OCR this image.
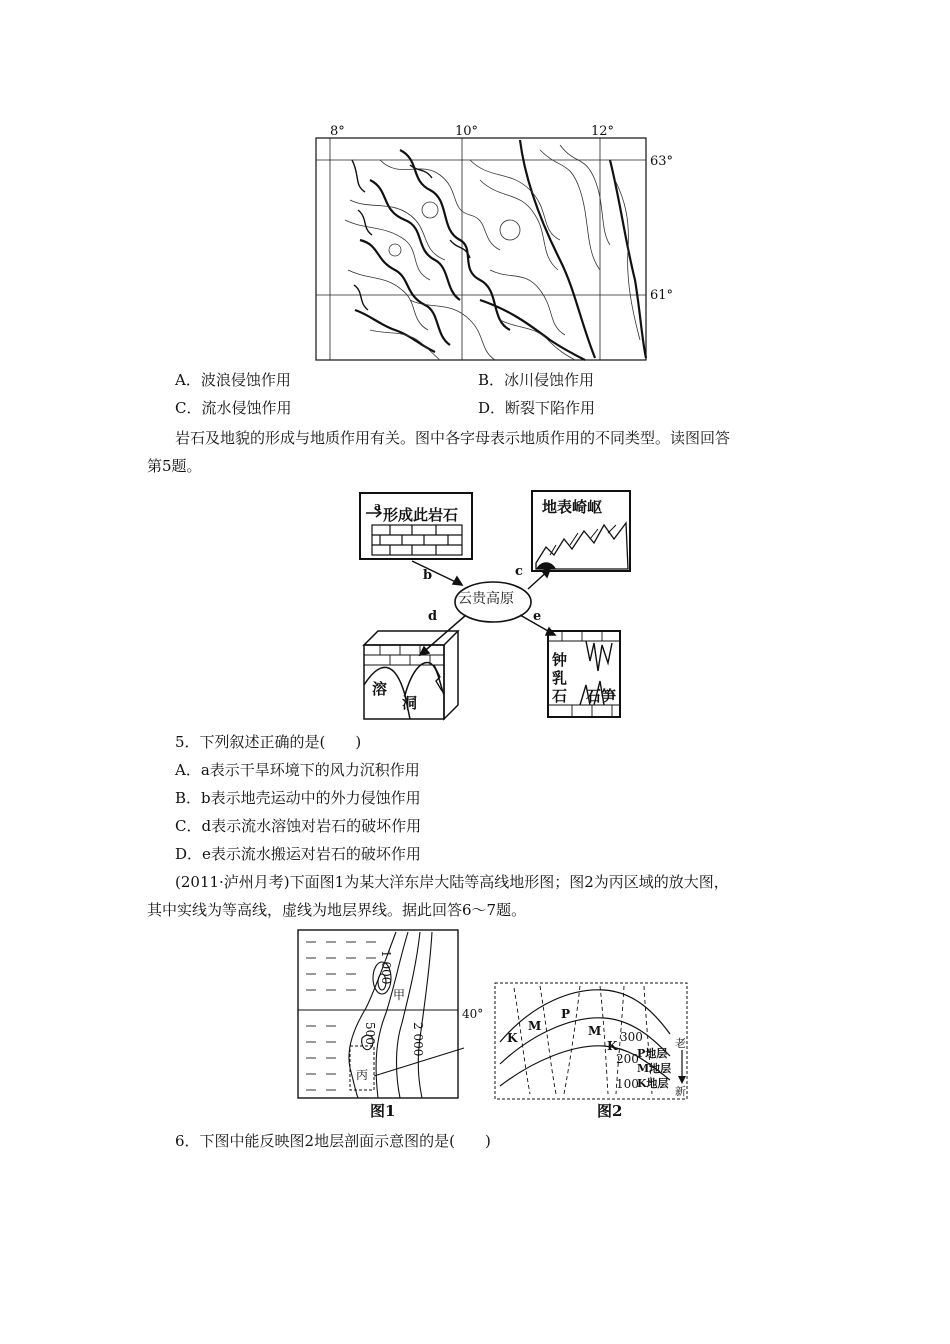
8°	10°	12°
63°
61°
A．波浪侵蚀作用	B．冰川侵蚀作用
C．流水侵蚀作用	D．断裂下陷作用
岩石及地貌的形成与地质作用有关。图中各字母表示地质作用的不同类型。读图回答
第5题。
a 形成此岩石	地表崎岖
云贵高原
b	c
d	e
溶
洞
钟
乳
石 石笋
5．下列叙述正确的是(　　)
A．a表示干旱环境下的风力沉积作用
B．b表示地壳运动中的外力侵蚀作用
C．d表示流水溶蚀对岩石的破坏作用
D．e表示流水搬运对岩石的破坏作用
(2011·泸州月考)下面图1为某大洋东岸大陆等高线地形图；图2为丙区域的放大图，
其中实线为等高线，虚线为地层界线。据此回答6～7题。
1 000
甲
500	2 000
丙
40°
图1
K
M
P
M
K
300
200
100
P地层
M地层
K地层
老
新
图2
6．下图中能反映图2地层剖面示意图的是(　　)
